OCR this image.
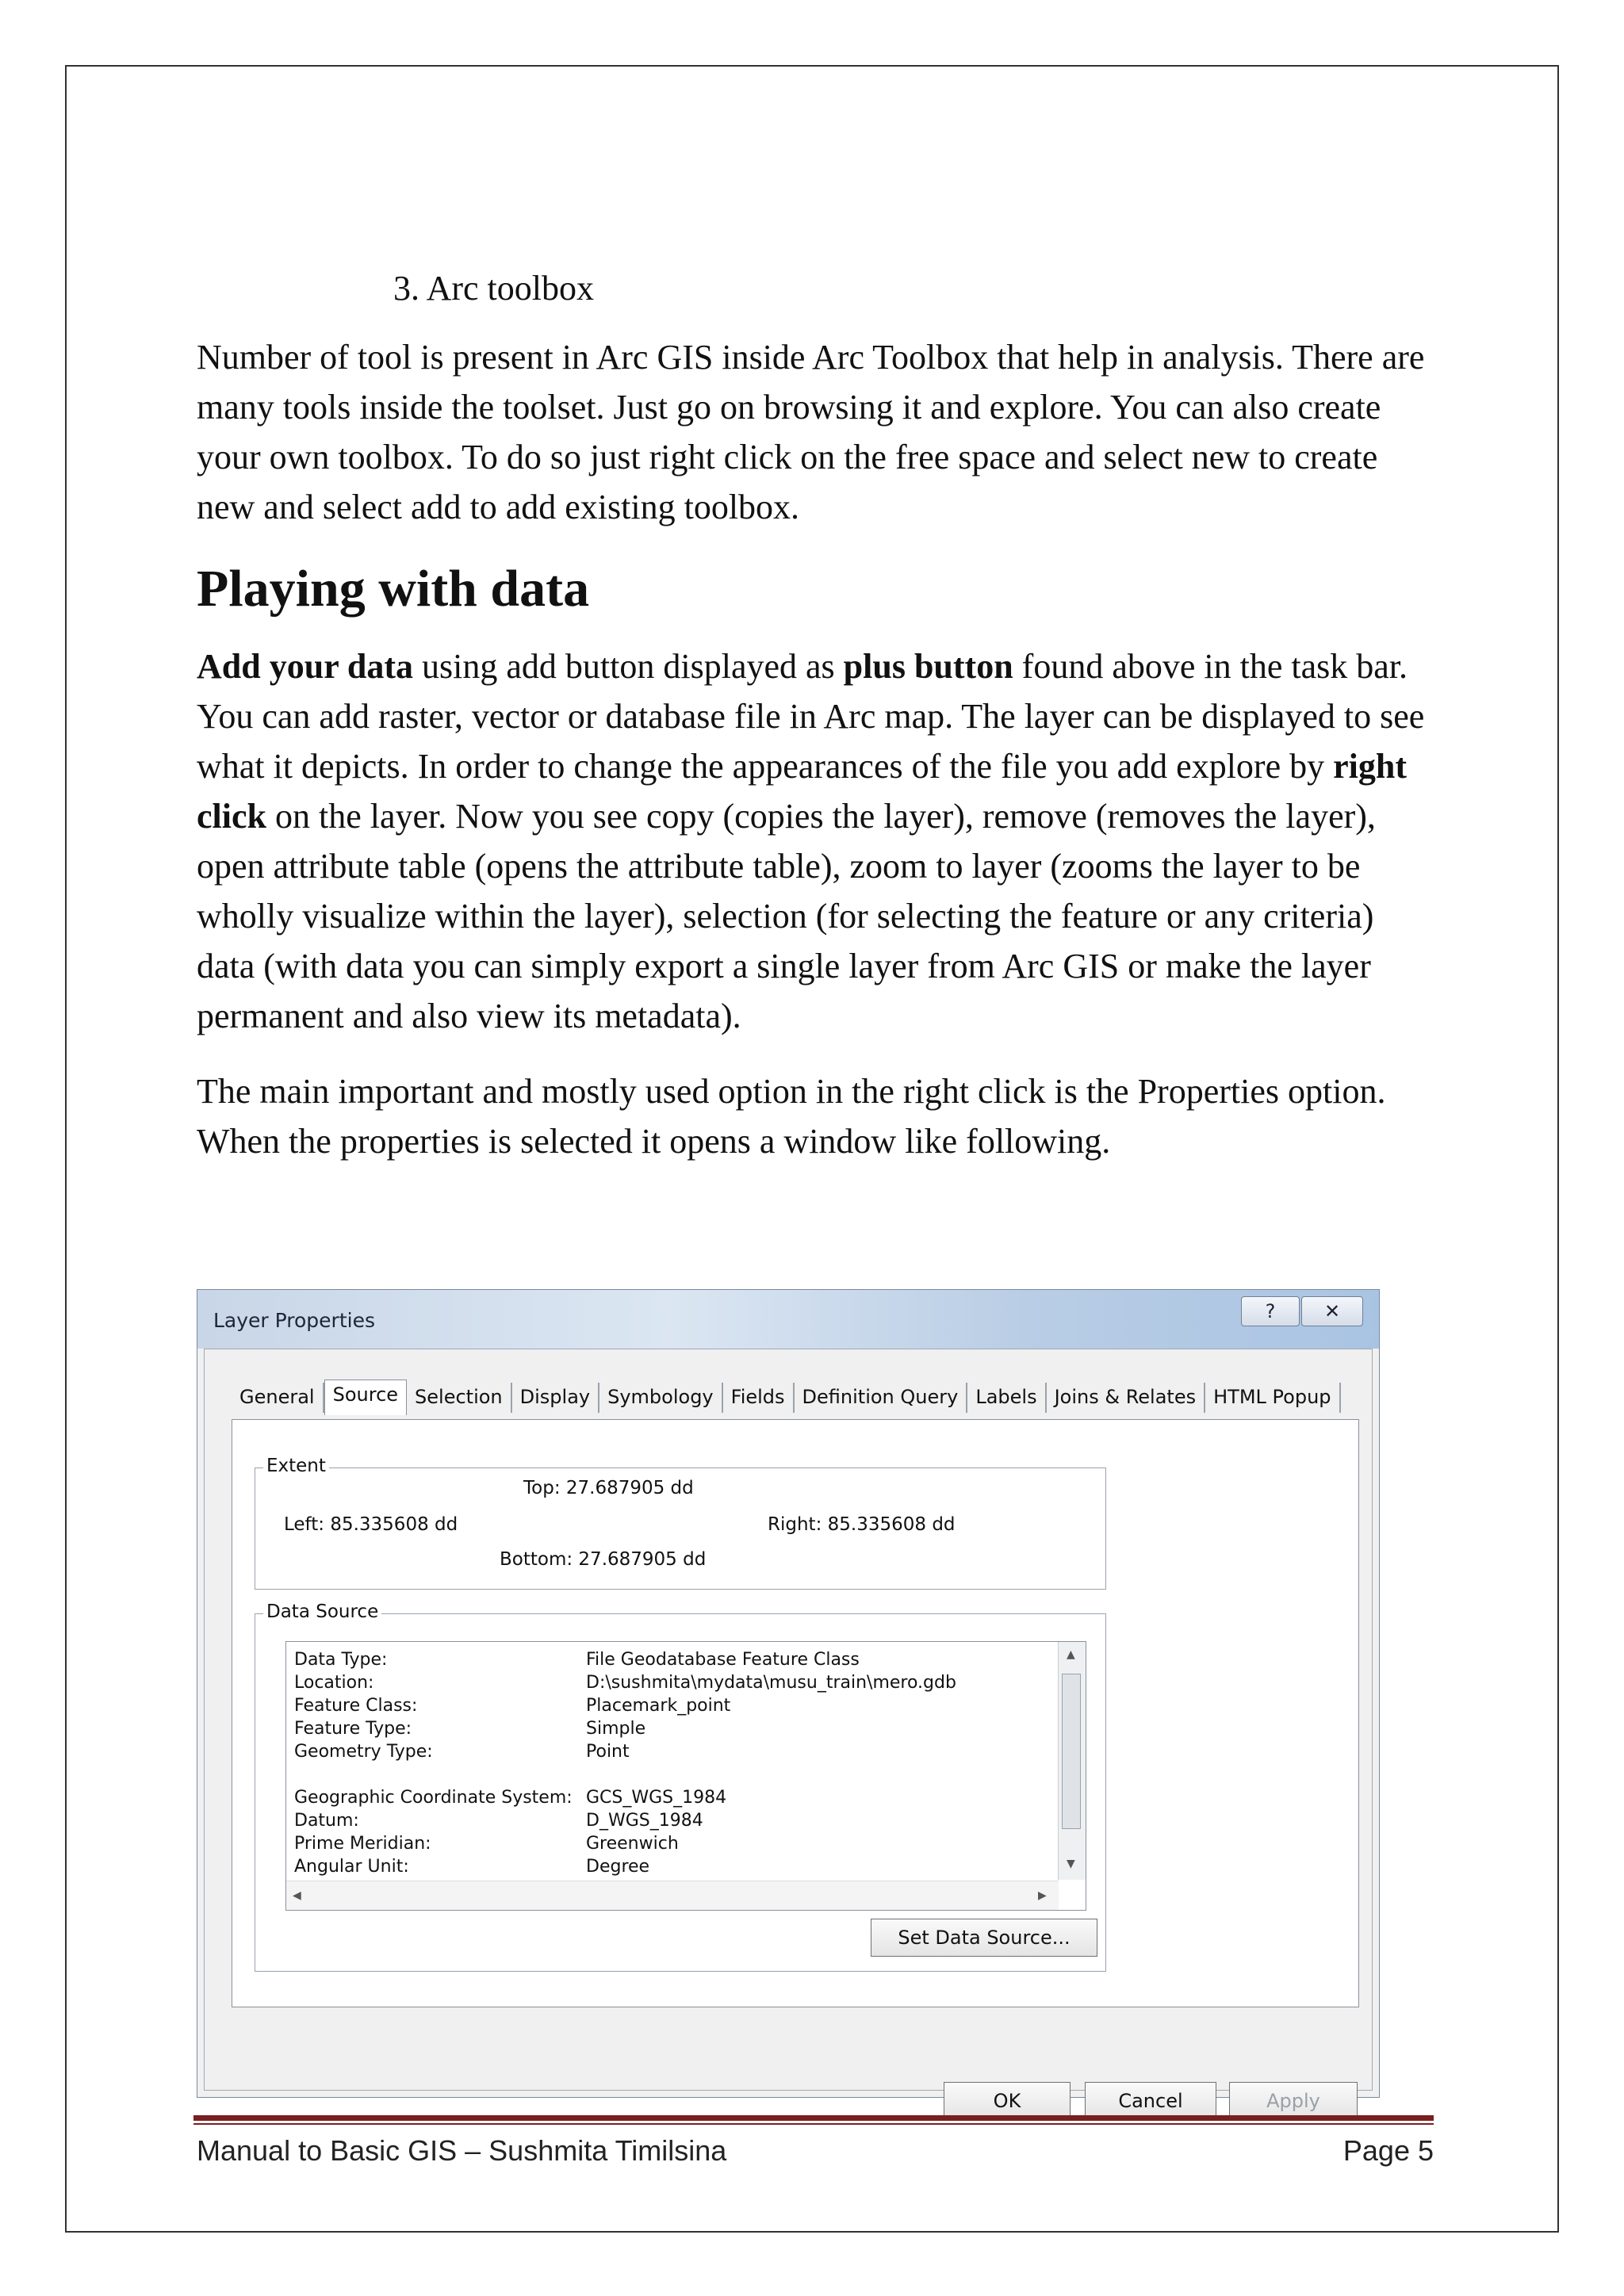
3. Arc toolbox

Number of tool is present in Arc GIS inside Arc Toolbox that help in analysis. There are many tools inside the toolset. Just go on browsing it and explore. You can also create your own toolbox. To do so just right click on the free space and select new to create new and select add to add existing toolbox.

Playing with data

Add your data using add button displayed as plus button found above in the task bar. You can add raster, vector or database file in Arc map. The layer can be displayed to see what it depicts. In order to change the appearances of the file you add explore by right click on the layer. Now you see copy (copies the layer), remove (removes the layer), open attribute table (opens the attribute table), zoom to layer (zooms the layer to be wholly visualize within the layer), selection (for selecting the feature or any criteria) data (with data you can simply export a single layer from Arc GIS or make the layer permanent and also view its metadata).

The main important and mostly used option in the right click is the Properties option. When the properties is selected it opens a window like following.

Layer Properties	?	✕
General Source Selection Display Symbology Fields Definition Query Labels Joins & Relates HTML Popup
Extent
Top: 27.687905 dd
Left: 85.335608 dd	Right: 85.335608 dd
Bottom: 27.687905 dd
Data Source
Data Type:	File Geodatabase Feature Class
Location:	D:\sushmita\mydata\musu_train\mero.gdb
Feature Class:	Placemark_point
Feature Type:	Simple
Geometry Type:	Point
Geographic Coordinate System: GCS_WGS_1984
Datum:	D_WGS_1984
Prime Meridian:	Greenwich
Angular Unit:	Degree
▲
▼
◀	▶
Set Data Source...
OK	Cancel	Apply
Manual to Basic GIS – Sushmita Timilsina	Page 5
